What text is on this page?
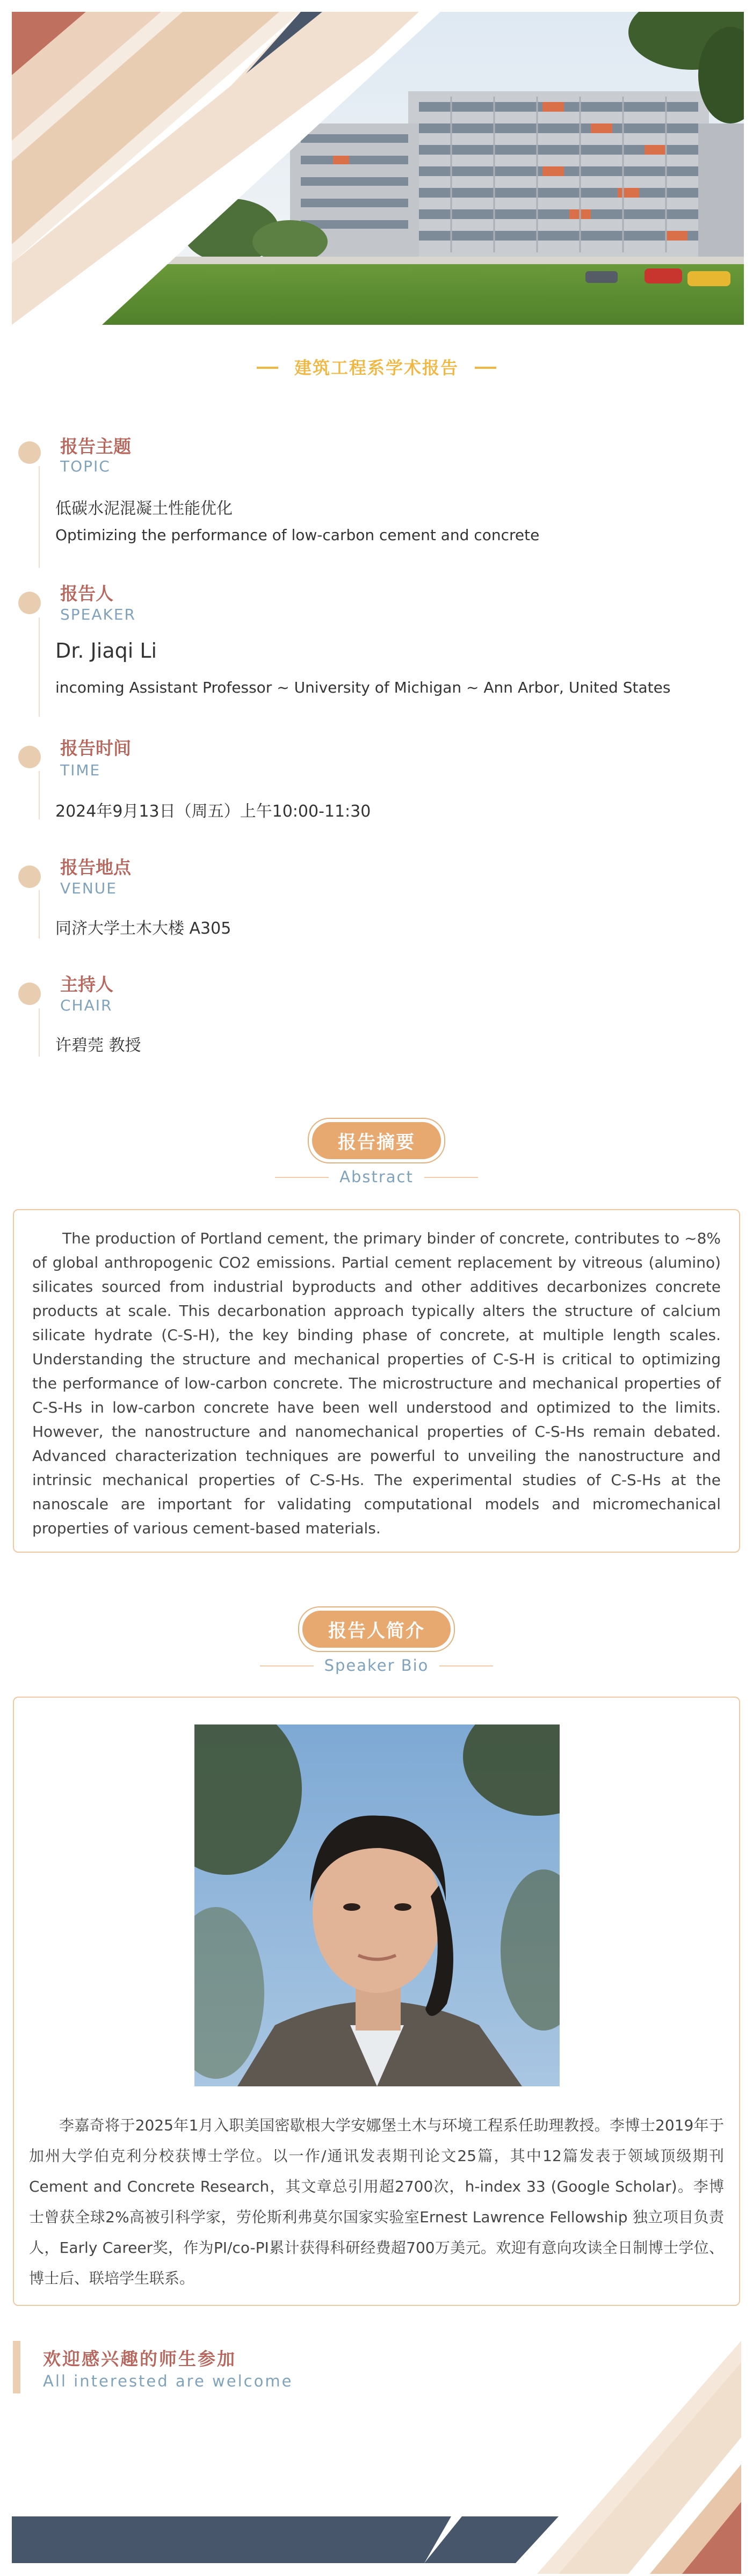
建筑工程系学术报告
报告主题
TOPIC
低碳水泥混凝土性能优化
Optimizing the performance of low-carbon cement and concrete
报告人
SPEAKER
Dr. Jiaqi Li
incoming Assistant Professor ~ University of Michigan ~ Ann Arbor, United States
报告时间
TIME
2024年9月13日（周五）上午10:00-11:30
报告地点
VENUE
同济大学土木大楼 A305
主持人
CHAIR
许碧莞 教授
报告摘要
Abstract
The production of Portland cement, the primary binder of concrete, contributes to ~8% of global anthropogenic CO2 emissions. Partial cement replacement by vitreous (alumino) silicates sourced from industrial byproducts and other additives decarbonizes concrete products at scale. This decarbonation approach typically alters the structure of calcium silicate hydrate (C-S-H), the key binding phase of concrete, at multiple length scales. Understanding the structure and mechanical properties of C-S-H is critical to optimizing the performance of low-carbon concrete. The microstructure and mechanical properties of C-S-Hs in low-carbon concrete have been well understood and optimized to the limits. However, the nanostructure and nanomechanical properties of C-S-Hs remain debated. Advanced characterization techniques are powerful to unveiling the nanostructure and intrinsic mechanical properties of C-S-Hs. The experimental studies of C-S-Hs at the nanoscale are important for validating computational models and micromechanical properties of various cement-based materials.
报告人简介
Speaker Bio
李嘉奇将于2025年1月入职美国密歇根大学安娜堡土木与环境工程系任助理教授。李博士2019年于加州大学伯克利分校获博士学位。以一作/通讯发表期刊论文25篇，其中12篇发表于领域顶级期刊Cement and Concrete Research，其文章总引用超2700次，h-index 33 (Google Scholar)。李博士曾获全球2%高被引科学家，劳伦斯利弗莫尔国家实验室Ernest Lawrence Fellowship 独立项目负责人，Early Career奖，作为PI/co-PI累计获得科研经费超700万美元。欢迎有意向攻读全日制博士学位、博士后、联培学生联系。
欢迎感兴趣的师生参加
All interested are welcome
